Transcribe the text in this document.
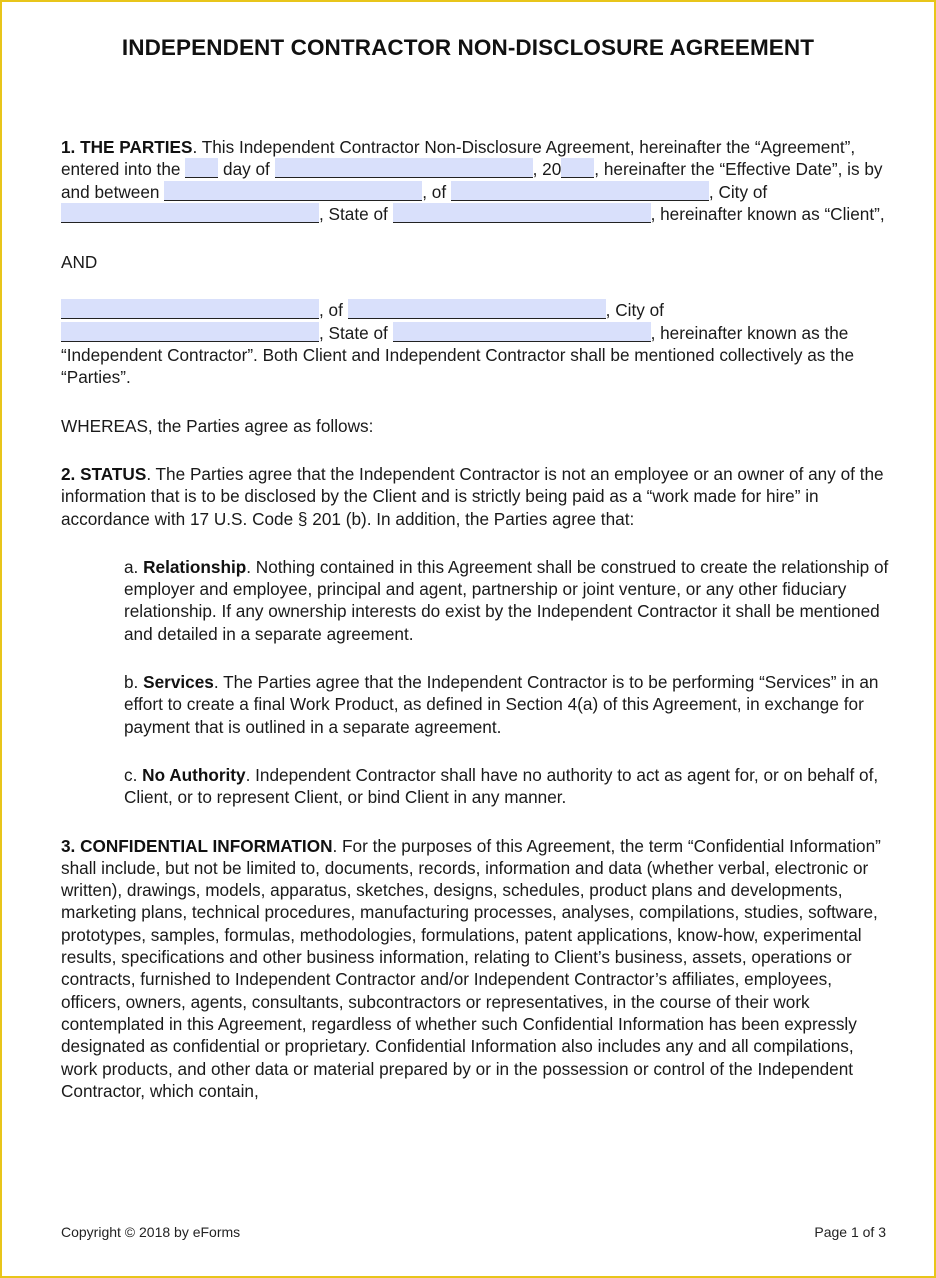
INDEPENDENT CONTRACTOR NON-DISCLOSURE AGREEMENT

1. THE PARTIES. This Independent Contractor Non-Disclosure Agreement, hereinafter the “Agreement”, entered into the  day of	, 20 , hereinafter the “Effective Date”, is by and between	, of	, City of , State of	, hereinafter known as “Client”,

AND

, of	, City of , State of	, hereinafter known as the “Independent Contractor”. Both Client and Independent Contractor shall be mentioned collectively as the “Parties”.

WHEREAS, the Parties agree as follows:

2. STATUS. The Parties agree that the Independent Contractor is not an employee or an owner of any of the information that is to be disclosed by the Client and is strictly being paid as a “work made for hire” in accordance with 17 U.S. Code § 201 (b). In addition, the Parties agree that:

a. Relationship. Nothing contained in this Agreement shall be construed to create the relationship of employer and employee, principal and agent, partnership or joint venture, or any other fiduciary relationship. If any ownership interests do exist by the Independent Contractor it shall be mentioned and detailed in a separate agreement.

b. Services. The Parties agree that the Independent Contractor is to be performing “Services” in an effort to create a final Work Product, as defined in Section 4(a) of this Agreement, in exchange for payment that is outlined in a separate agreement.

c. No Authority. Independent Contractor shall have no authority to act as agent for, or on behalf of, Client, or to represent Client, or bind Client in any manner.

3. CONFIDENTIAL INFORMATION. For the purposes of this Agreement, the term “Confidential Information” shall include, but not be limited to, documents, records, information and data (whether verbal, electronic or written), drawings, models, apparatus, sketches, designs, schedules, product plans and developments, marketing plans, technical procedures, manufacturing processes, analyses, compilations, studies, software, prototypes, samples, formulas, methodologies, formulations, patent applications, know-how, experimental results, specifications and other business information, relating to Client’s business, assets, operations or contracts, furnished to Independent Contractor and/or Independent Contractor’s affiliates, employees, officers, owners, agents, consultants, subcontractors or representatives, in the course of their work contemplated in this Agreement, regardless of whether such Confidential Information has been expressly designated as confidential or proprietary. Confidential Information also includes any and all compilations, work products, and other data or material prepared by or in the possession or control of the Independent Contractor, which contain,

Copyright © 2018 by eForms	Page 1 of 3
